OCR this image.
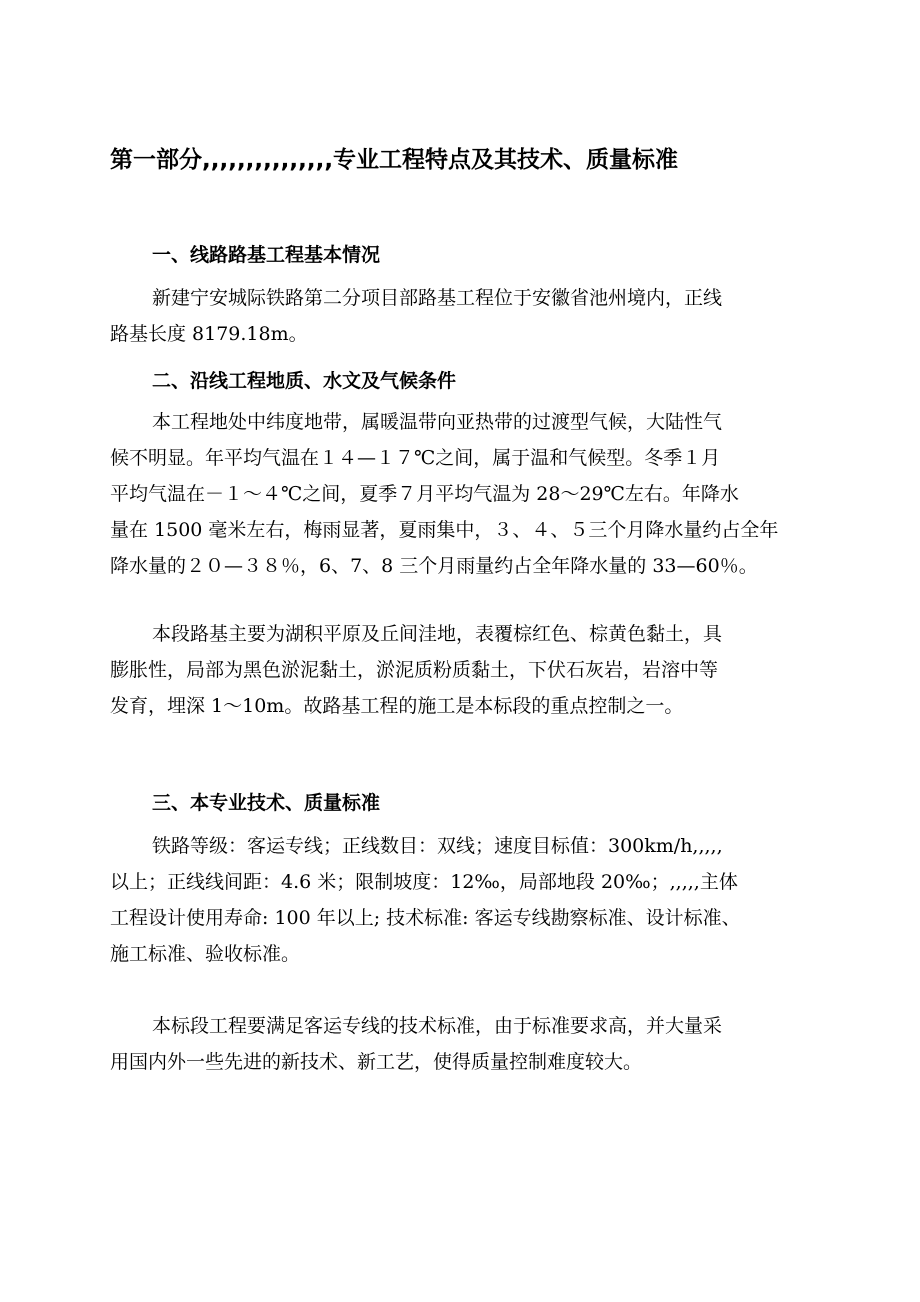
第一部分,,,,,,,,,,,,,,,专业工程特点及其技术、质量标准
一、线路路基工程基本情况
新建宁安城际铁路第二分项目部路基工程位于安徽省池州境内，正线
路基长度 8179.18m。
二、沿线工程地质、水文及气候条件
本工程地处中纬度地带，属暖温带向亚热带的过渡型气候，大陆性气
候不明显。年平均气温在１４—１７℃之间，属于温和气候型。冬季１月
平均气温在－１～４℃之间，夏季７月平均气温为 28～29℃左右。年降水
量在 1500 毫米左右，梅雨显著，夏雨集中，３、４、５三个月降水量约占全年
降水量的２０—３８％，6、7、8 三个月雨量约占全年降水量的 33—60％。
本段路基主要为湖积平原及丘间洼地，表覆棕红色、棕黄色黏土，具
膨胀性，局部为黑色淤泥黏土，淤泥质粉质黏土，下伏石灰岩，岩溶中等
发育，埋深 1～10m。故路基工程的施工是本标段的重点控制之一。
三、本专业技术、质量标准
铁路等级：客运专线；正线数目：双线；速度目标值：300km/h,,,,,
以上；正线线间距：4.6 米；限制坡度：12‰，局部地段 20‰；,,,,,主体
工程设计使用寿命: 100 年以上; 技术标准: 客运专线勘察标准、设计标准、
施工标准、验收标准。
本标段工程要满足客运专线的技术标准，由于标准要求高，并大量采
用国内外一些先进的新技术、新工艺，使得质量控制难度较大。
